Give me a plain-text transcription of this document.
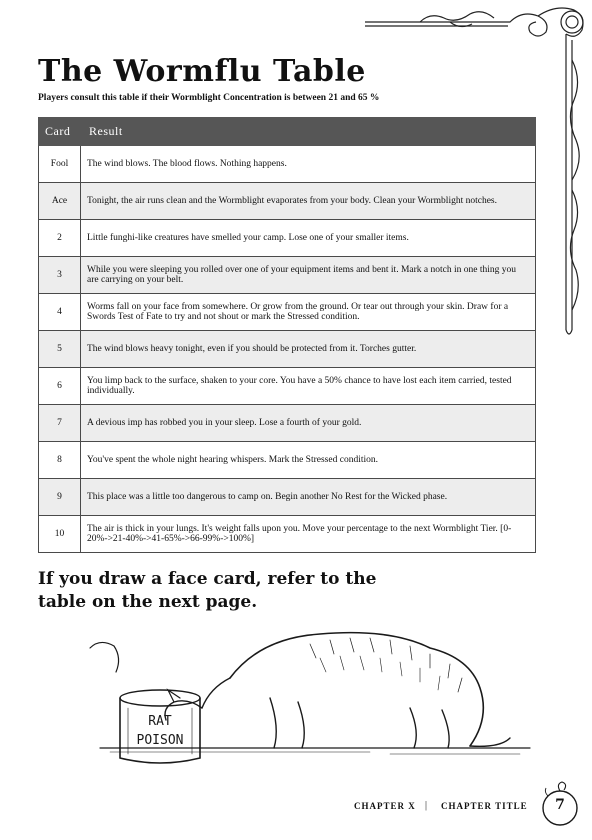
The Wormflu Table
Players consult this table if their Wormblight Concentration is between 21 and 65 %
Card	Result
Fool	The wind blows. The blood flows. Nothing happens.
Ace	Tonight, the air runs clean and the Wormblight evaporates from your body. Clean your Wormblight notches.
2	Little funghi-like creatures have smelled your camp. Lose one of your smaller items.
3	While you were sleeping you rolled over one of your equipment items and bent it. Mark a notch in one thing you are carrying on your belt.
4	Worms fall on your face from somewhere. Or grow from the ground. Or tear out through your skin. Draw for a Swords Test of Fate to try and not shout or mark the Stressed condition.
5	The wind blows heavy tonight, even if you should be protected from it. Torches gutter.
6	You limp back to the surface, shaken to your core. You have a 50% chance to have lost each item carried, tested individually.
7	A devious imp has robbed you in your sleep. Lose a fourth of your gold.
8	You've spent the whole night hearing whispers. Mark the Stressed condition.
9	This place was a little too dangerous to camp on. Begin another No Rest for the Wicked phase.
10	The air is thick in your lungs. It's weight falls upon you. Move your percentage to the next Wormblight Tier. [0-20%->21-40%->41-65%->66-99%->100%]
If you draw a face card, refer to the table on the next page.
RAT
POISON
CHAPTER X | CHAPTER TITLE	7
